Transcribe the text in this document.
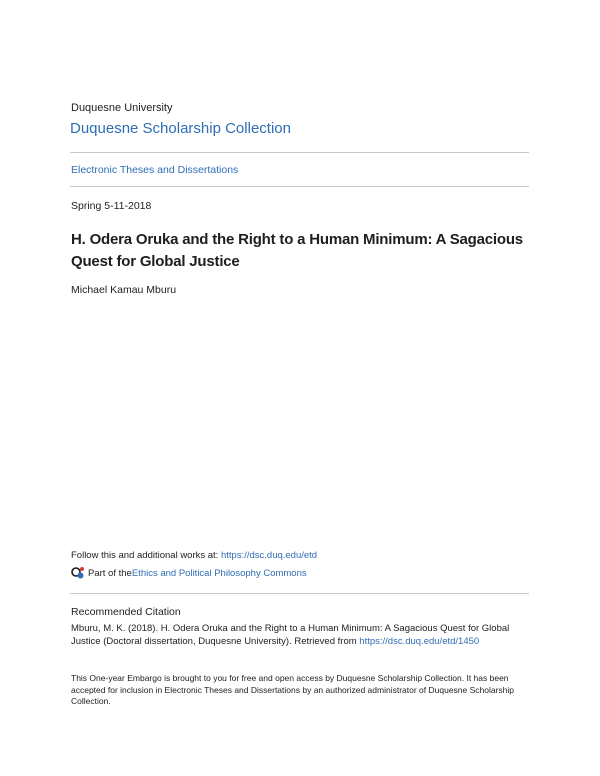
Duquesne University
Duquesne Scholarship Collection
Electronic Theses and Dissertations
Spring 5-11-2018
H. Odera Oruka and the Right to a Human Minimum: A Sagacious Quest for Global Justice
Michael Kamau Mburu
Follow this and additional works at: https://dsc.duq.edu/etd
Part of the Ethics and Political Philosophy Commons
Recommended Citation
Mburu, M. K. (2018). H. Odera Oruka and the Right to a Human Minimum: A Sagacious Quest for Global Justice (Doctoral dissertation, Duquesne University). Retrieved from https://dsc.duq.edu/etd/1450
This One-year Embargo is brought to you for free and open access by Duquesne Scholarship Collection. It has been accepted for inclusion in Electronic Theses and Dissertations by an authorized administrator of Duquesne Scholarship Collection.
